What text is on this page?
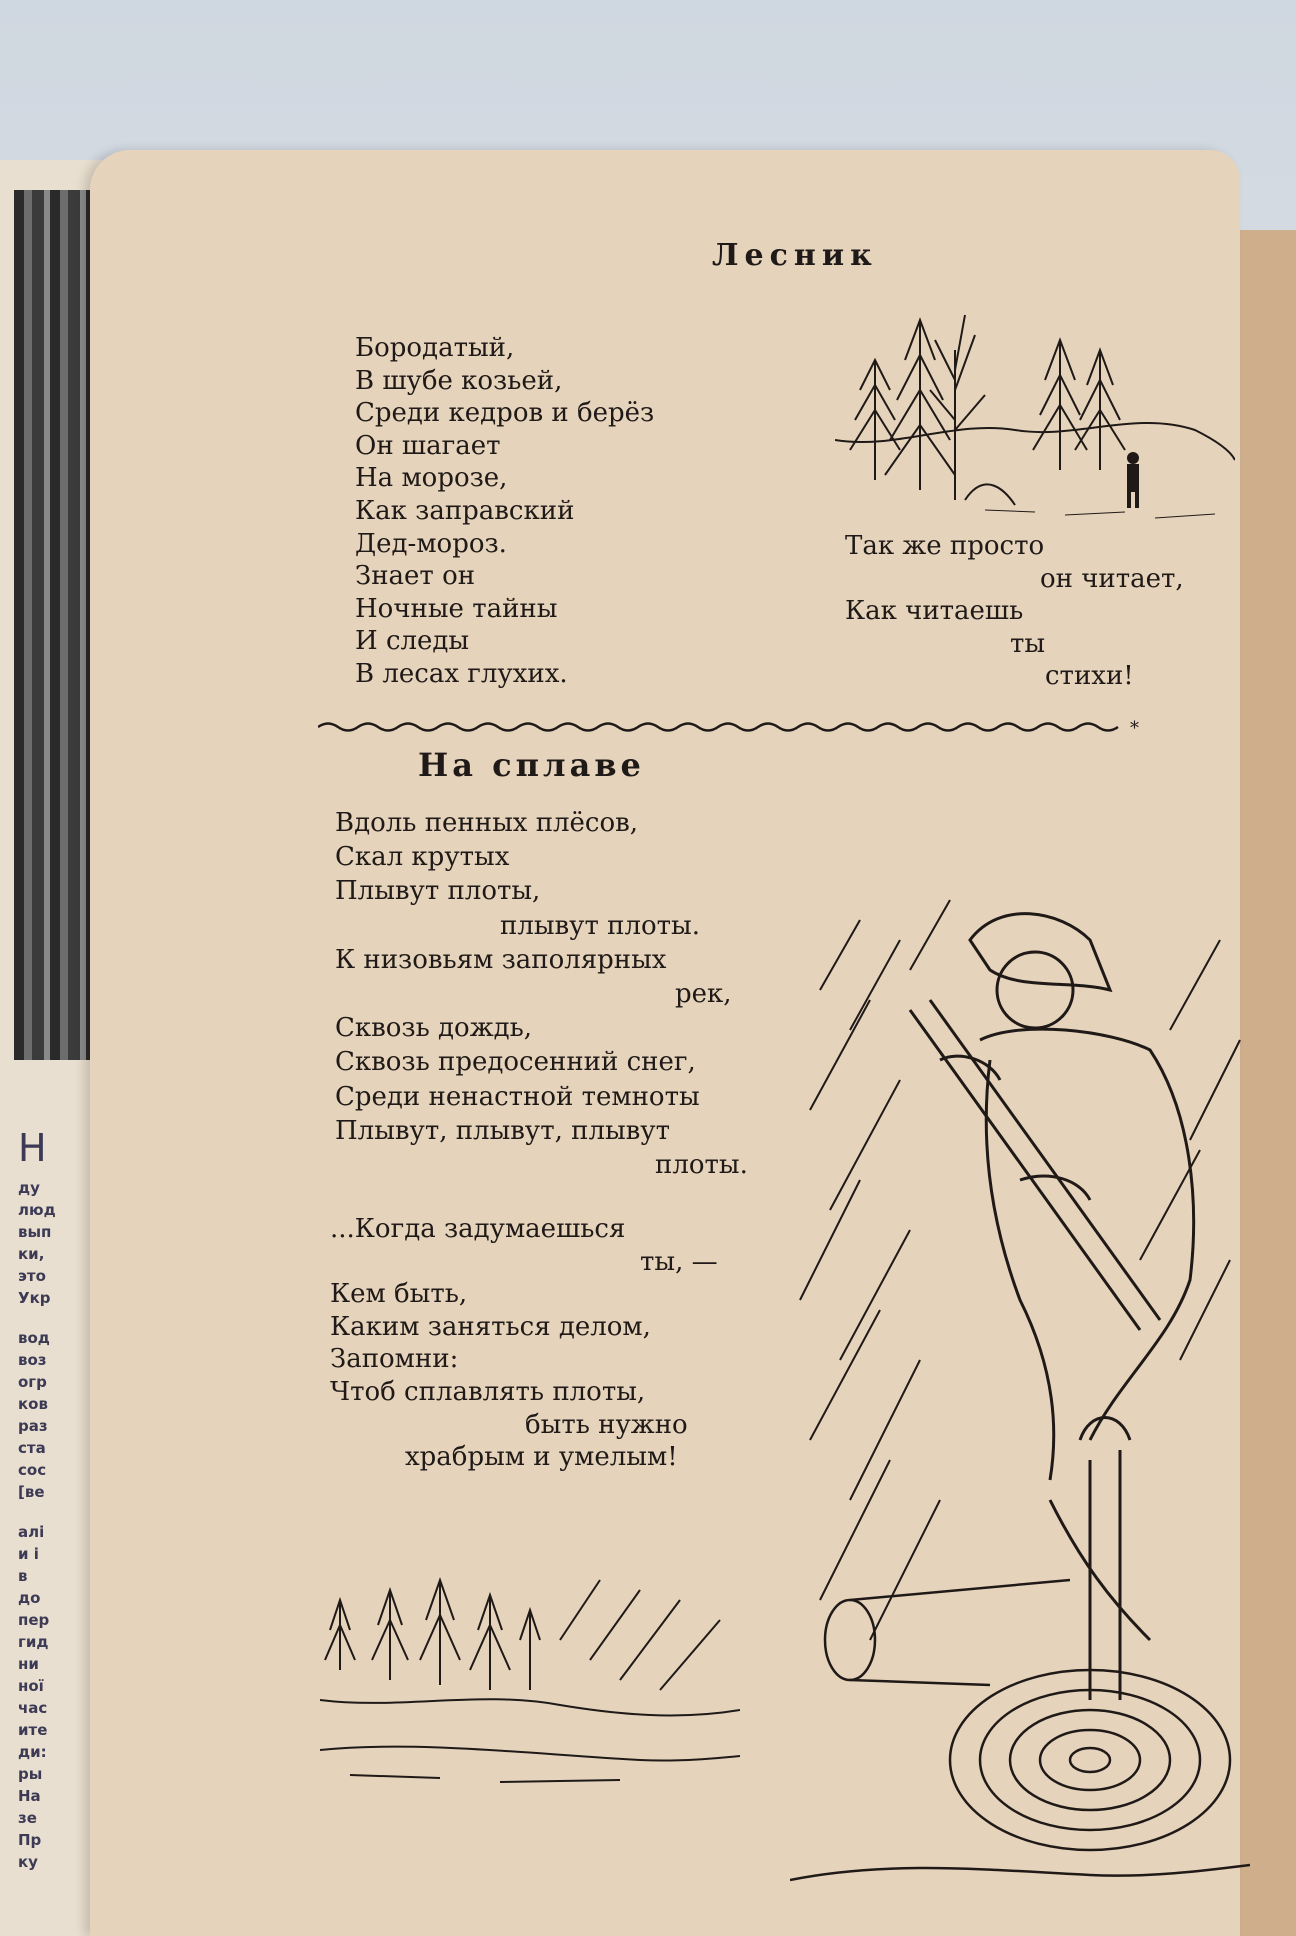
Н
ду
люд
вып
ки,
это
Укр
вод
воз
огр
ков
раз
ста
сос
[ве
алі
и і
в
до
пер
гид
ни
ної
час
ите
ди:
ры
На
зе
Пр
ку
Лесник
Бородатый,
В шубе козьей,
Среди кедров и берёз
Он шагает
На морозе,
Как заправский
Дед-мороз.
Знает он
Ночные тайны
И следы
В лесах глухих.
Так же просто
он читает,
Как читаешь
ты
стихи!
*
На сплаве
Вдоль пенных плёсов,
Скал крутых
Плывут плоты,
плывут плоты.
К низовьям заполярных
рек,
Сквозь дождь,
Сквозь предосенний снег,
Среди ненастной темноты
Плывут, плывут, плывут
плоты.
...Когда задумаешься
ты, —
Кем быть,
Каким заняться делом,
Запомни:
Чтоб сплавлять плоты,
быть нужно
храбрым и умелым!
